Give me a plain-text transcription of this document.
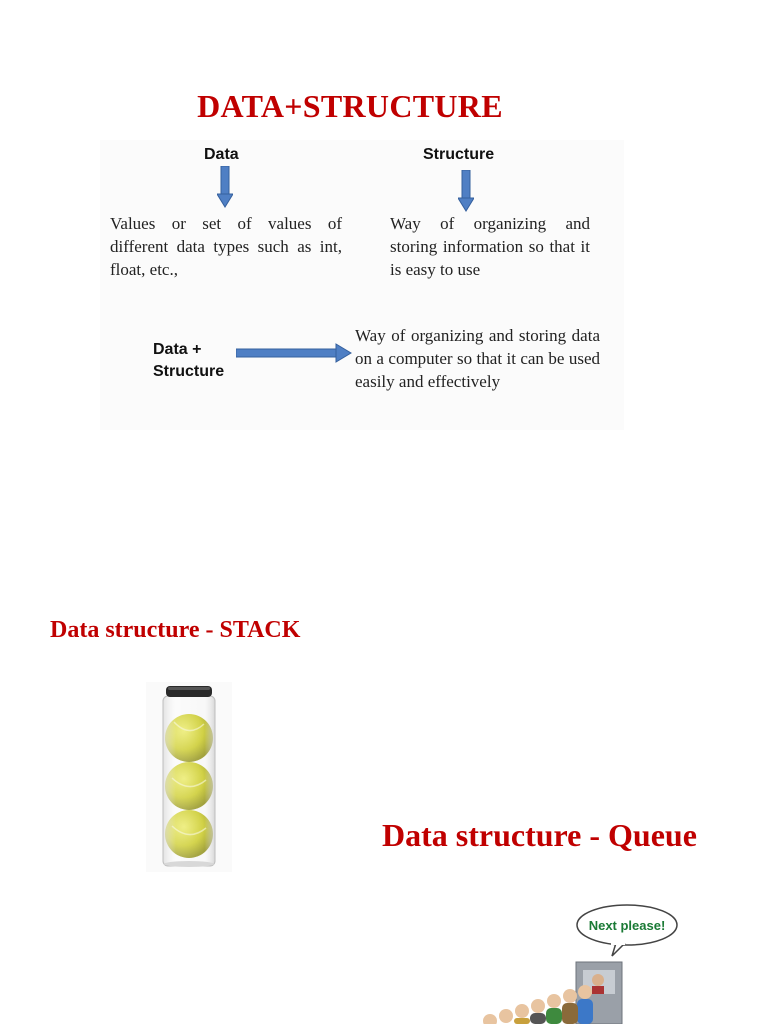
DATA+STRUCTURE
Data	Structure
Values or set of values of different data types such as int, float, etc.,
Way of organizing and storing information so that it is easy to use
Data +
Structure
Way of organizing and storing data on a computer so that it can be used easily and effectively
Data structure - STACK
Data structure - Queue
Next please!
